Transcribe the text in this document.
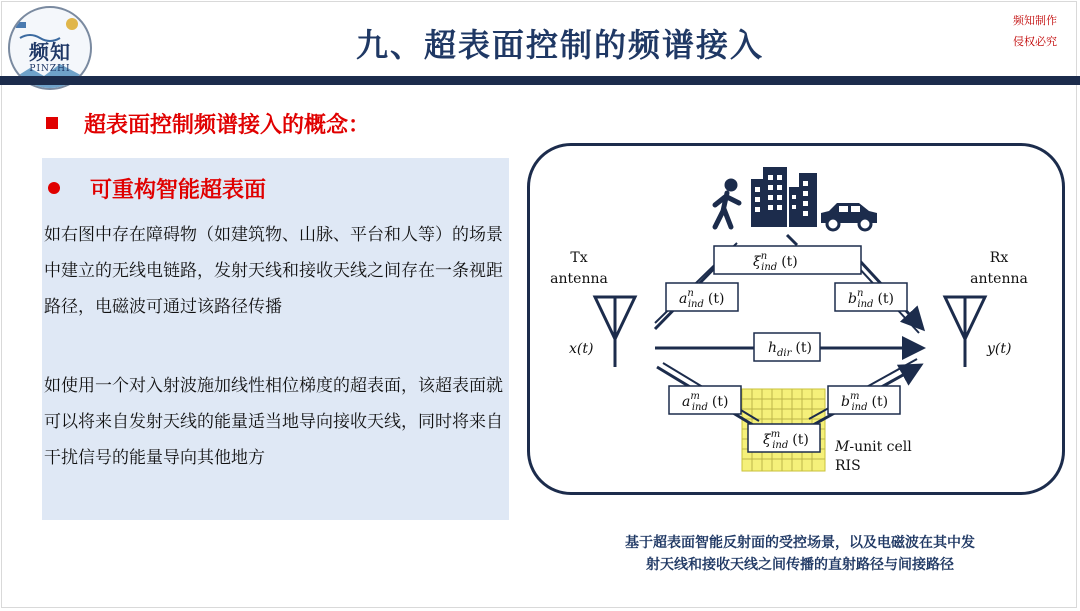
频知
PINZHI
九、超表面控制的频谱接入
频知制作
侵权必究
超表面控制频谱接入的概念：
可重构智能超表面

如右图中存在障碍物（如建筑物、山脉、平台和人等）的场景中建立的无线电链路，发射天线和接收天线之间存在一条视距路径，电磁波可通过该路径传播

如使用一个对入射波施加线性相位梯度的超表面，该超表面就可以将来自发射天线的能量适当地导向接收天线，同时将来自干扰信号的能量导向其他地方

$\xi^n$ ind (t)
$a^n$ ind (t)	$b^n$ ind (t)
$h_{dir}$ (t)
$a^m$ ind (t)	$b^m$ ind (t)
$\xi^m$ ind (t)
x(t)	y(t)
Tx
antenna
Rx
antenna
M-unit cell
RIS
基于超表面智能反射面的受控场景，以及电磁波在其中发
射天线和接收天线之间传播的直射路径与间接路径
